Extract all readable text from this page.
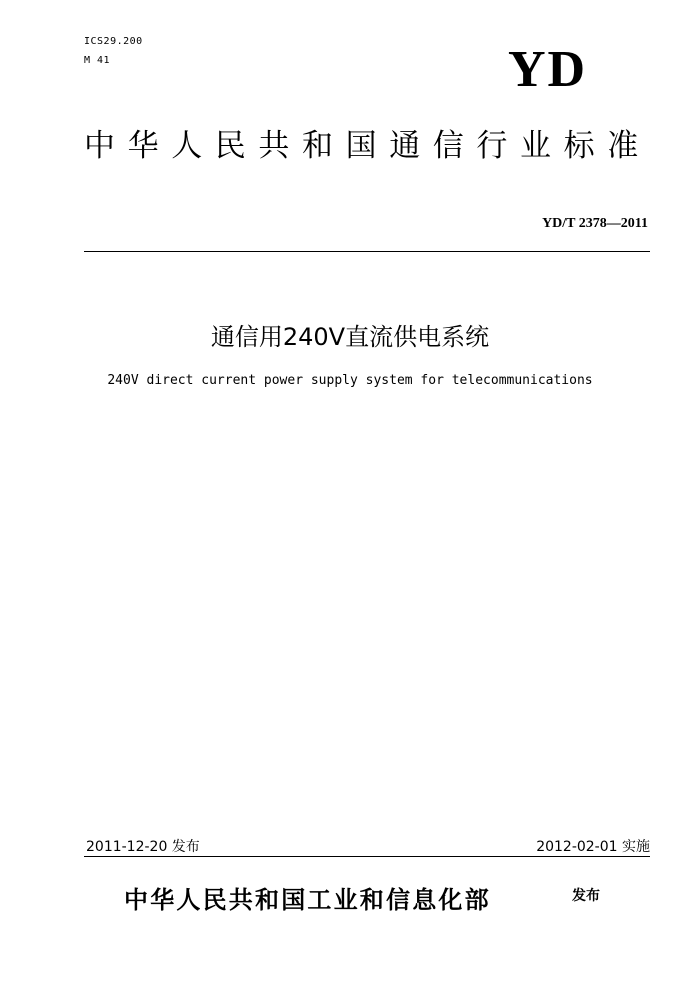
ICS29.200
M 41	YD
中华人民共和国通信行业标准
YD/T 2378—2011
通信用240V直流供电系统
240V direct current power supply system for telecommunications
2011-12-20 发布	2012-02-01 实施
中华人民共和国工业和信息化部	发布
